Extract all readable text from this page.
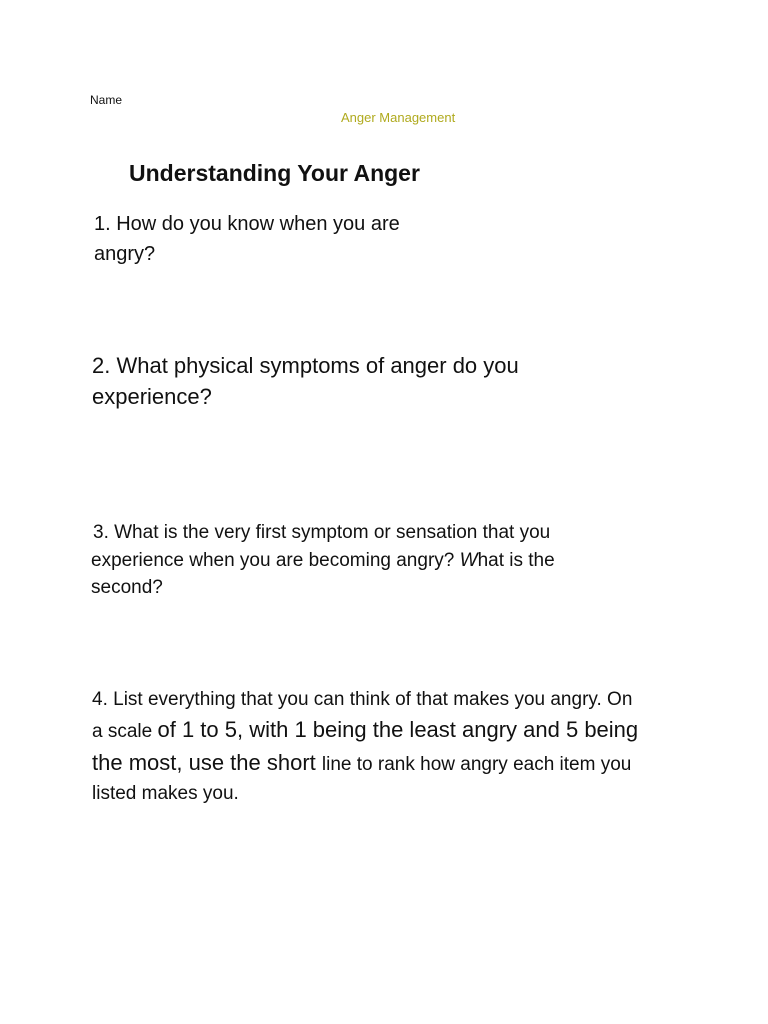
Name

Anger Management

Understanding Your Anger
1. How do you know when you are
angry?
2. What physical symptoms of anger do you
experience?
3. What is the very first symptom or sensation that you
experience when you are becoming angry? What is the
second?
4. List everything that you can think of that makes you angry. On
a scale of 1 to 5, with 1 being the least angry and 5 being
the most, use the short line to rank how angry each item you
listed makes you.
